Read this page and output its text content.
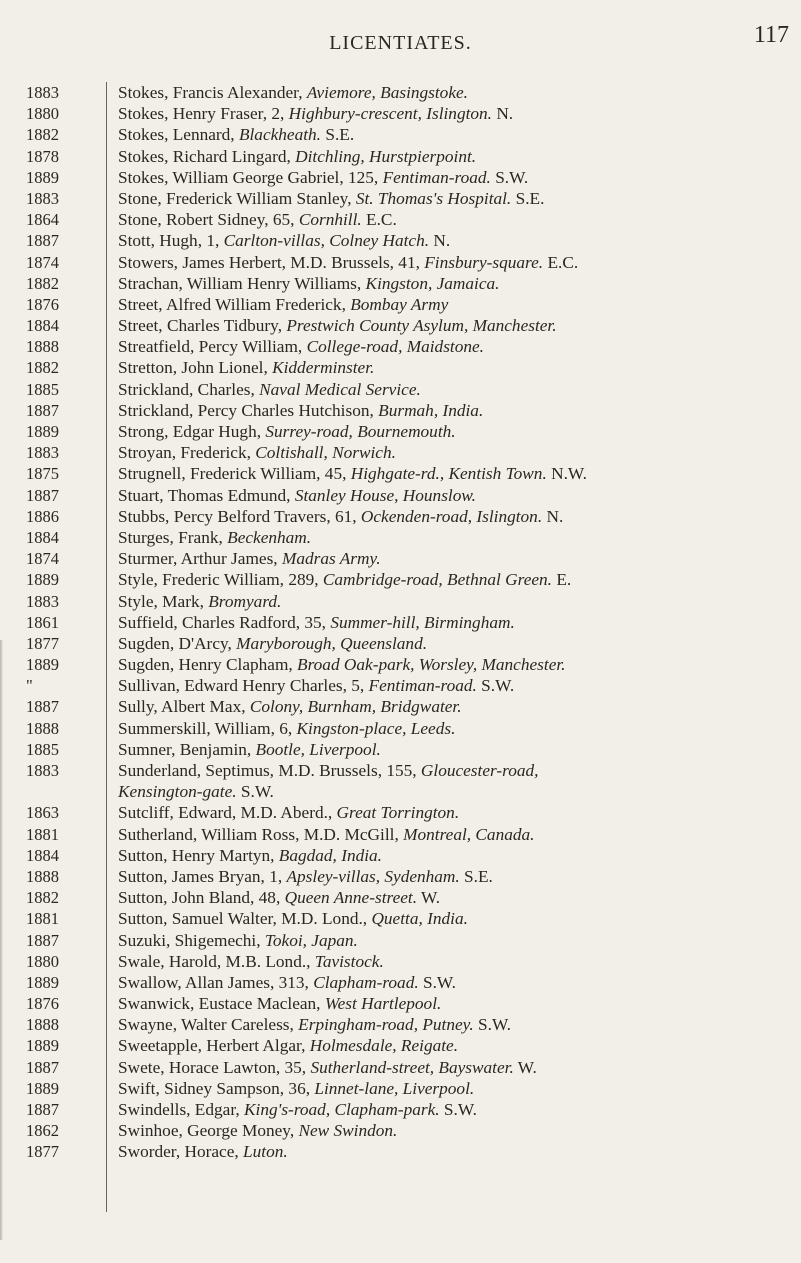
LICENTIATES.	117
1883
1880
1882
1878
1889
1883
1864
1887
1874
1882
1876
1884
1888
1882
1885
1887
1889
1883
1875
1887
1886
1884
1874
1889
1883
1861
1877
1889
"
1887
1888
1885
1883
1863
1881
1884
1888
1882
1881
1887
1880
1889
1876
1888
1889
1887
1889
1887
1862
1877
Stokes, Francis Alexander, Aviemore, Basingstoke.
Stokes, Henry Fraser, 2, Highbury-crescent, Islington. N.
Stokes, Lennard, Blackheath. S.E.
Stokes, Richard Lingard, Ditchling, Hurstpierpoint.
Stokes, William George Gabriel, 125, Fentiman-road. S.W.
Stone, Frederick William Stanley, St. Thomas's Hospital. S.E.
Stone, Robert Sidney, 65, Cornhill. E.C.
Stott, Hugh, 1, Carlton-villas, Colney Hatch. N.
Stowers, James Herbert, M.D. Brussels, 41, Finsbury-square. E.C.
Strachan, William Henry Williams, Kingston, Jamaica.
Street, Alfred William Frederick, Bombay Army
Street, Charles Tidbury, Prestwich County Asylum, Manchester.
Streatfield, Percy William, College-road, Maidstone.
Stretton, John Lionel, Kidderminster.
Strickland, Charles, Naval Medical Service.
Strickland, Percy Charles Hutchison, Burmah, India.
Strong, Edgar Hugh, Surrey-road, Bournemouth.
Stroyan, Frederick, Coltishall, Norwich.
Strugnell, Frederick William, 45, Highgate-rd., Kentish Town. N.W.
Stuart, Thomas Edmund, Stanley House, Hounslow.
Stubbs, Percy Belford Travers, 61, Ockenden-road, Islington. N.
Sturges, Frank, Beckenham.
Sturmer, Arthur James, Madras Army.
Style, Frederic William, 289, Cambridge-road, Bethnal Green. E.
Style, Mark, Bromyard.
Suffield, Charles Radford, 35, Summer-hill, Birmingham.
Sugden, D'Arcy, Maryborough, Queensland.
Sugden, Henry Clapham, Broad Oak-park, Worsley, Manchester.
Sullivan, Edward Henry Charles, 5, Fentiman-road. S.W.
Sully, Albert Max, Colony, Burnham, Bridgwater.
Summerskill, William, 6, Kingston-place, Leeds.
Sumner, Benjamin, Bootle, Liverpool.
Sunderland, Septimus, M.D. Brussels, 155, Gloucester-road,
Kensington-gate. S.W.
Sutcliff, Edward, M.D. Aberd., Great Torrington.
Sutherland, William Ross, M.D. McGill, Montreal, Canada.
Sutton, Henry Martyn, Bagdad, India.
Sutton, James Bryan, 1, Apsley-villas, Sydenham. S.E.
Sutton, John Bland, 48, Queen Anne-street. W.
Sutton, Samuel Walter, M.D. Lond., Quetta, India.
Suzuki, Shigemechi, Tokoi, Japan.
Swale, Harold, M.B. Lond., Tavistock.
Swallow, Allan James, 313, Clapham-road. S.W.
Swanwick, Eustace Maclean, West Hartlepool.
Swayne, Walter Careless, Erpingham-road, Putney. S.W.
Sweetapple, Herbert Algar, Holmesdale, Reigate.
Swete, Horace Lawton, 35, Sutherland-street, Bayswater. W.
Swift, Sidney Sampson, 36, Linnet-lane, Liverpool.
Swindells, Edgar, King's-road, Clapham-park. S.W.
Swinhoe, George Money, New Swindon.
Sworder, Horace, Luton.
